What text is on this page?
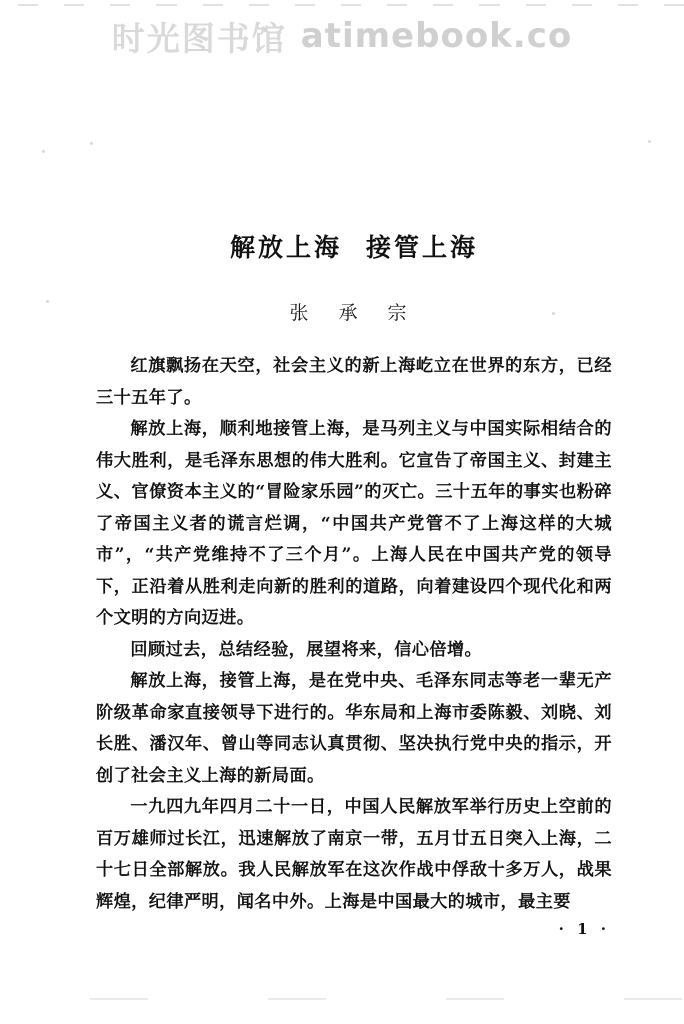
时光图书馆 atimebook.co
解放上海 接管上海
张 承 宗

红旗飘扬在天空，社会主义的新上海屹立在世界的东方，已经三十五年了。

解放上海，顺利地接管上海，是马列主义与中国实际相结合的伟大胜利，是毛泽东思想的伟大胜利。它宣告了帝国主义、封建主义、官僚资本主义的“冒险家乐园”的灭亡。三十五年的事实也粉碎了帝国主义者的谎言烂调，“中国共产党管不了上海这样的大城市”，“共产党维持不了三个月”。上海人民在中国共产党的领导下，正沿着从胜利走向新的胜利的道路，向着建设四个现代化和两个文明的方向迈进。

回顾过去，总结经验，展望将来，信心倍增。

解放上海，接管上海，是在党中央、毛泽东同志等老一辈无产阶级革命家直接领导下进行的。华东局和上海市委陈毅、刘晓、刘长胜、潘汉年、曾山等同志认真贯彻、坚决执行党中央的指示，开创了社会主义上海的新局面。

一九四九年四月二十一日，中国人民解放军举行历史上空前的百万雄师过长江，迅速解放了南京一带，五月廿五日突入上海，二十七日全部解放。我人民解放军在这次作战中俘敌十多万人，战果辉煌，纪律严明，闻名中外。上海是中国最大的城市，最主要

· 1 ·
